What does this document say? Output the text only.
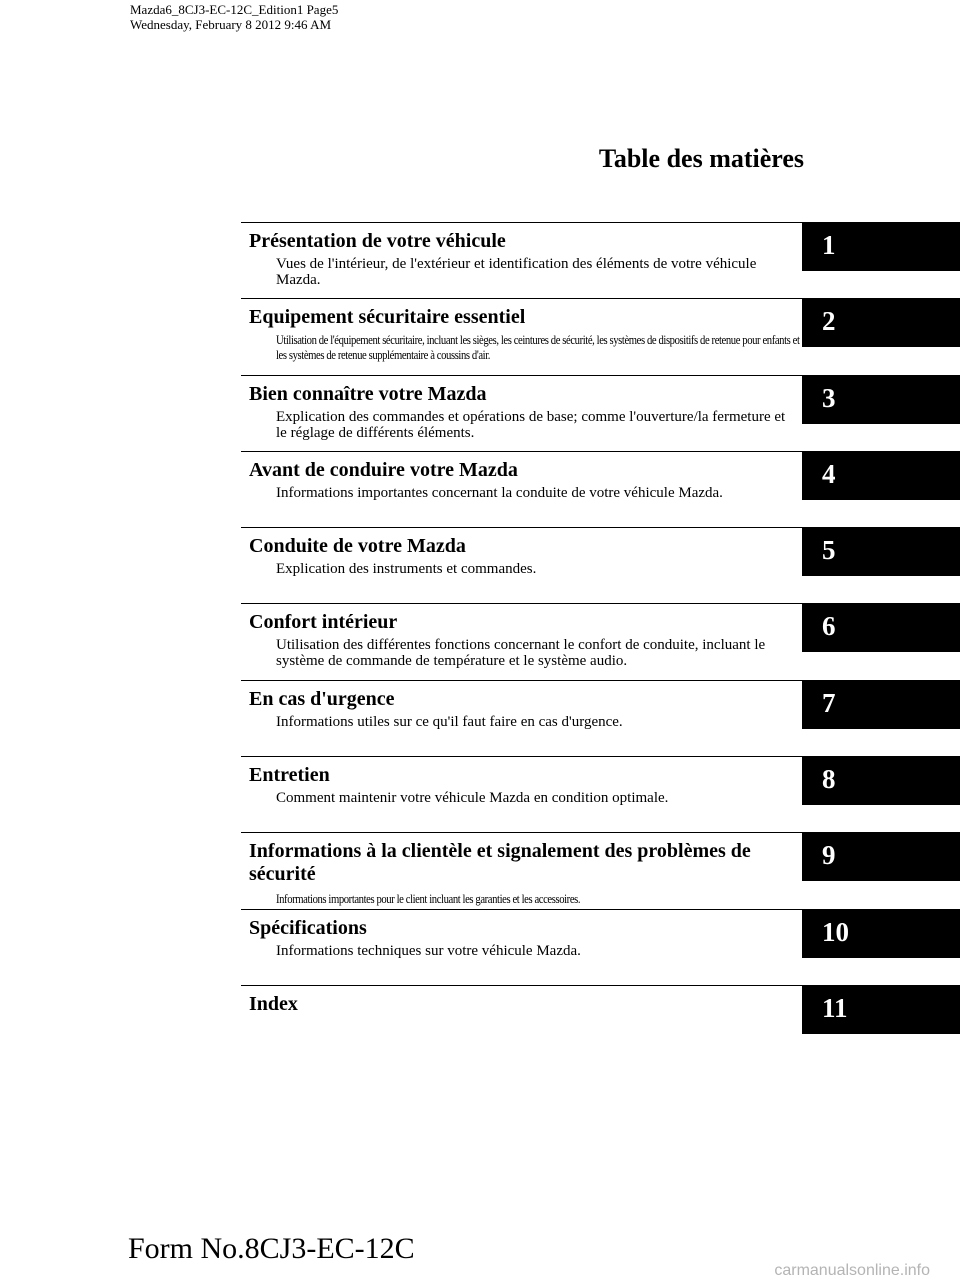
Mazda6_8CJ3-EC-12C_Edition1 Page5
Wednesday, February 8 2012 9:46 AM
Table des matières
Présentation de votre véhicule
Vues de l'intérieur, de l'extérieur et identification des éléments de votre véhicule Mazda.
1
Equipement sécuritaire essentiel
Utilisation de l'équipement sécuritaire, incluant les sièges, les ceintures de sécurité, les systèmes de dispositifs de retenue pour enfants et les systèmes de retenue supplémentaire à coussins d'air.
2
Bien connaître votre Mazda
Explication des commandes et opérations de base; comme l'ouverture/la fermeture et le réglage de différents éléments.
3
Avant de conduire votre Mazda
Informations importantes concernant la conduite de votre véhicule Mazda.
4
Conduite de votre Mazda
Explication des instruments et commandes.
5
Confort intérieur
Utilisation des différentes fonctions concernant le confort de conduite, incluant le système de commande de température et le système audio.
6
En cas d'urgence
Informations utiles sur ce qu'il faut faire en cas d'urgence.
7
Entretien
Comment maintenir votre véhicule Mazda en condition optimale.
8
Informations à la clientèle et signalement des problèmes de sécurité
Informations importantes pour le client incluant les garanties et les accessoires.
9
Spécifications
Informations techniques sur votre véhicule Mazda.
10
Index	11
Form No.8CJ3-EC-12C
carmanualsonline.info
